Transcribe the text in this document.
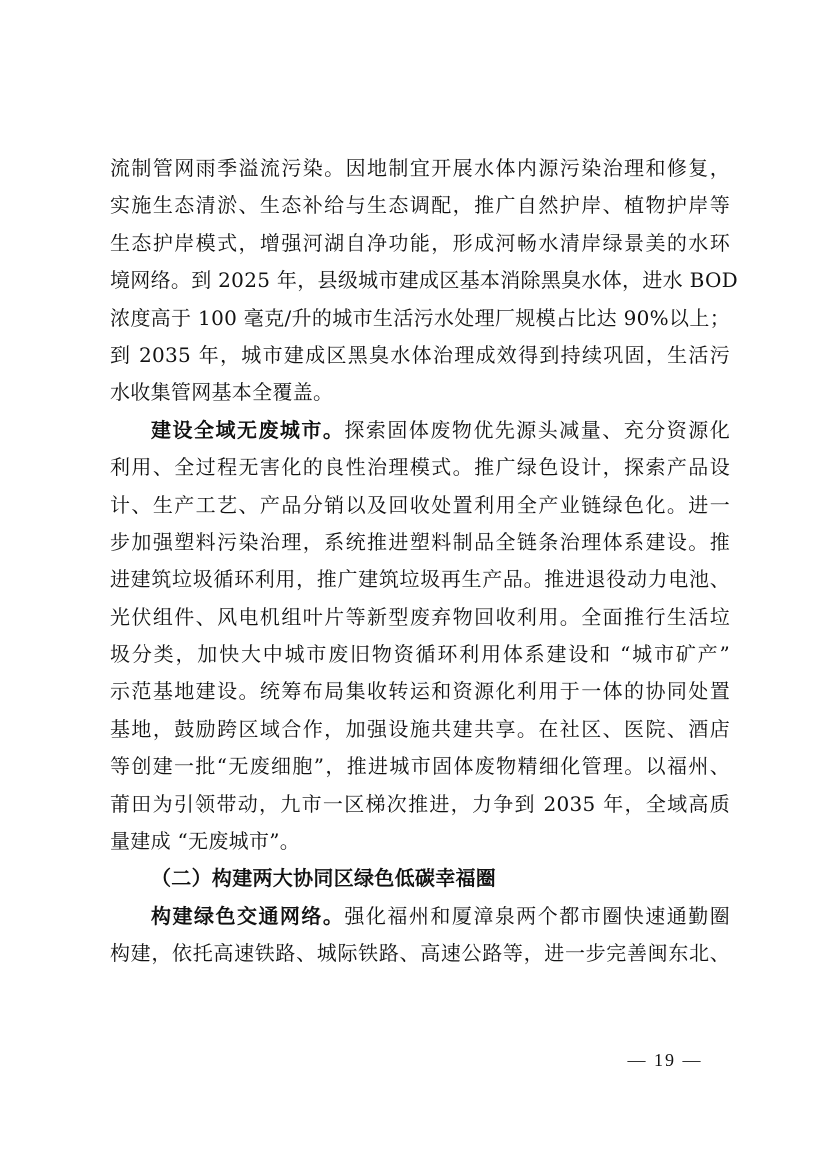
流制管网雨季溢流污染。因地制宜开展水体内源污染治理和修复，
实施生态清淤、生态补给与生态调配，推广自然护岸、植物护岸等
生态护岸模式，增强河湖自净功能，形成河畅水清岸绿景美的水环
境网络。到 2025 年，县级城市建成区基本消除黑臭水体，进水 BOD
浓度高于 100 毫克/升的城市生活污水处理厂规模占比达 90%以上；
到 2035 年，城市建成区黑臭水体治理成效得到持续巩固，生活污
水收集管网基本全覆盖。
建设全域无废城市。探索固体废物优先源头减量、充分资源化
利用、全过程无害化的良性治理模式。推广绿色设计，探索产品设
计、生产工艺、产品分销以及回收处置利用全产业链绿色化。进一
步加强塑料污染治理，系统推进塑料制品全链条治理体系建设。推
进建筑垃圾循环利用，推广建筑垃圾再生产品。推进退役动力电池、
光伏组件、风电机组叶片等新型废弃物回收利用。全面推行生活垃
圾分类，加快大中城市废旧物资循环利用体系建设和 “城市矿产”
示范基地建设。统筹布局集收转运和资源化利用于一体的协同处置
基地，鼓励跨区域合作，加强设施共建共享。在社区、医院、酒店
等创建一批“无废细胞”，推进城市固体废物精细化管理。以福州、
莆田为引领带动，九市一区梯次推进，力争到 2035 年，全域高质
量建成 “无废城市”。
（二）构建两大协同区绿色低碳幸福圈
构建绿色交通网络。强化福州和厦漳泉两个都市圈快速通勤圈
构建，依托高速铁路、城际铁路、高速公路等，进一步完善闽东北、
— 19 —
